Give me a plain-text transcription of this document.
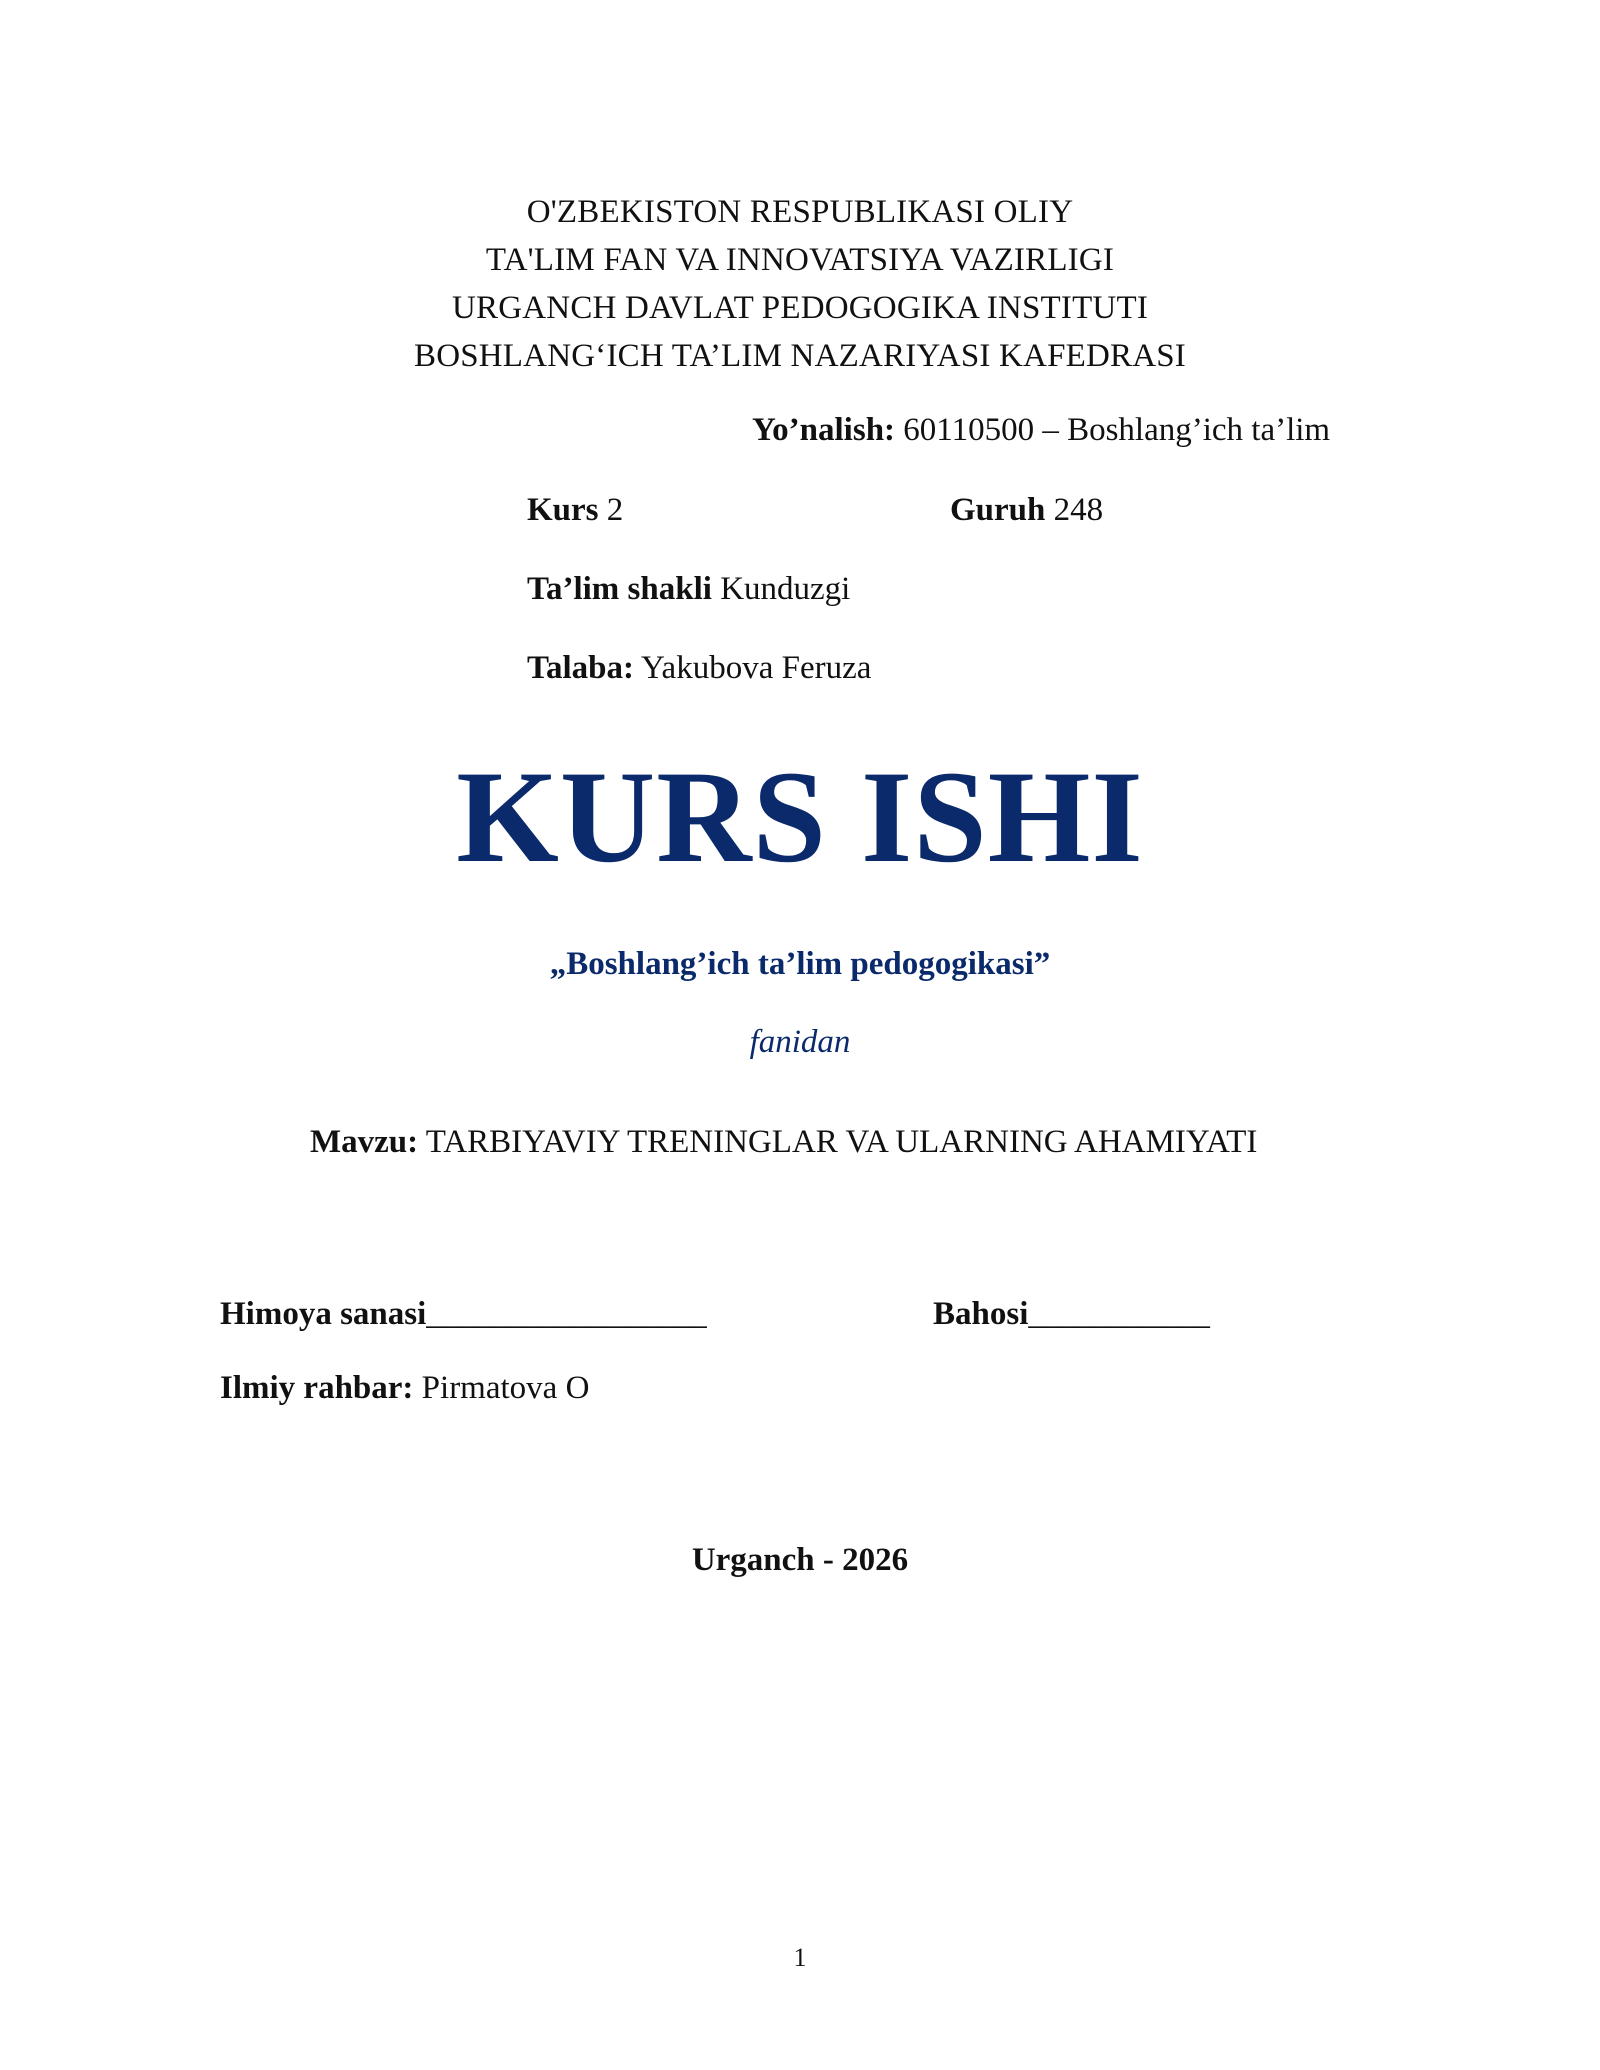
O'ZBEKISTON RESPUBLIKASI OLIY
TA'LIM FAN VA INNOVATSIYA VAZIRLIGI
URGANCH DAVLAT PEDOGOGIKA INSTITUTI
BOSHLANG‘ICH TA’LIM NAZARIYASI KAFEDRASI
Yo’nalish: 60110500 – Boshlang’ich ta’lim
Kurs 2	Guruh 248
Ta’lim shakli Kunduzgi
Talaba: Yakubova Feruza
KURS ISHI
„Boshlang’ich ta’lim pedogogikasi”
fanidan
Mavzu: TARBIYAVIY TRENINGLAR VA ULARNING AHAMIYATI
Himoya sanasi_________________	Bahosi___________
Ilmiy rahbar: Pirmatova O
Urganch - 2026
1
